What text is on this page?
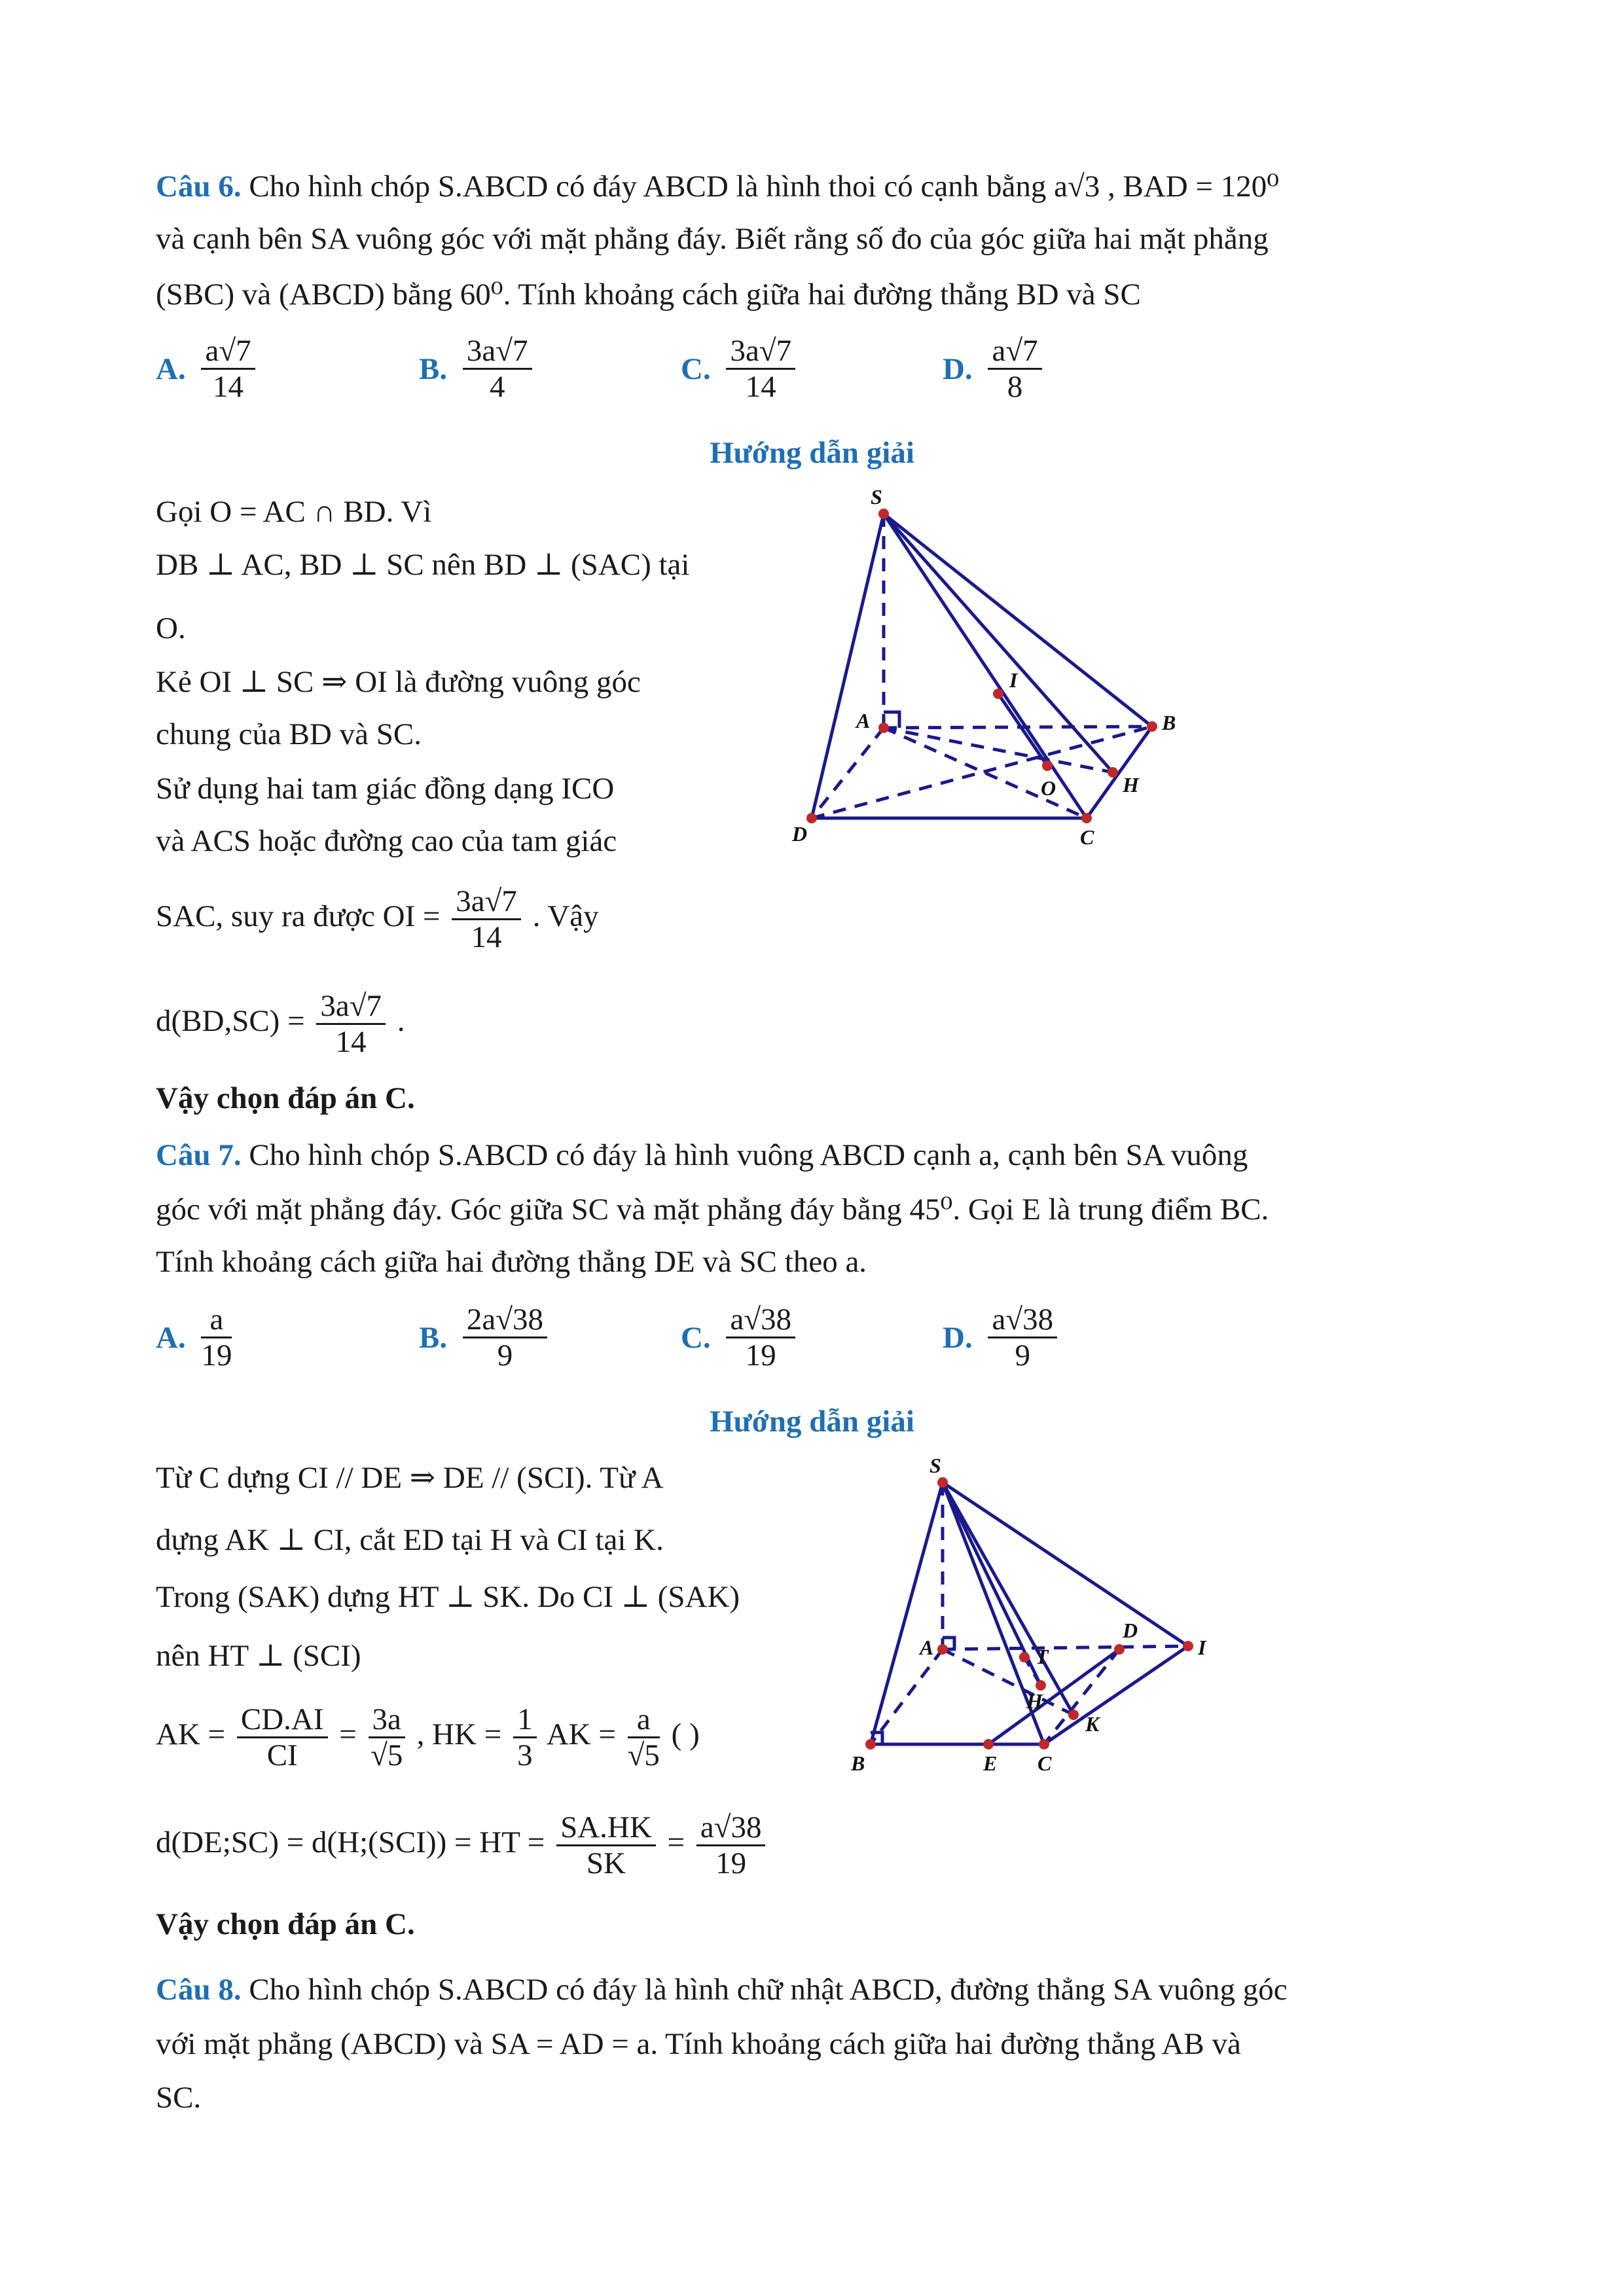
Câu 6. Cho hình chóp S.ABCD có đáy ABCD là hình thoi có cạnh bằng a√3 , BAD = 120⁰
và cạnh bên SA vuông góc với mặt phẳng đáy. Biết rằng số đo của góc giữa hai mặt phẳng
(SBC) và (ABCD) bằng 60⁰. Tính khoảng cách giữa hai đường thẳng BD và SC
A. $\frac{a√7}{14}$	B. $\frac{3a√7}{4}$	C. $\frac{3a√7}{14}$	D. $\frac{a√7}{8}$
Hướng dẫn giải
Gọi O = AC ∩ BD. Vì
DB ⊥ AC, BD ⊥ SC nên BD ⊥ (SAC) tại
O.
Kẻ OI ⊥ SC ⇒ OI là đường vuông góc
chung của BD và SC.
Sử dụng hai tam giác đồng dạng ICO
và ACS hoặc đường cao của tam giác
SAC, suy ra được OI = $\frac{3a√7}{14}$ . Vậy
$d(BD,SC) = \frac{3a√7}{14}$ .
Vậy chọn đáp án C.
S
A	B
C
D
O
I
H
Câu 7. Cho hình chóp S.ABCD có đáy là hình vuông ABCD cạnh a, cạnh bên SA vuông
góc với mặt phẳng đáy. Góc giữa SC và mặt phẳng đáy bằng 45⁰. Gọi E là trung điểm BC.
Tính khoảng cách giữa hai đường thẳng DE và SC theo a.
A. $\frac{a}{19}$	B. $\frac{2a√38}{9}$	C. $\frac{a√38}{19}$	D. $\frac{a√38}{9}$
Hướng dẫn giải
Từ C dựng CI // DE ⇒ DE // (SCI). Từ A
dựng AK ⊥ CI, cắt ED tại H và CI tại K.
Trong (SAK) dựng HT ⊥ SK. Do CI ⊥ (SAK)
nên HT ⊥ (SCI)
AK = $\frac{CD.AI}{CI} = \frac{3a}{√5}$ , HK = $\frac{1}{3}$ AK = $\frac{a}{√5}$ ( )
d(DE;SC) = d(H;(SCI)) = HT = $\frac{SA.HK}{SK} = \frac{a√38}{19}$
Vậy chọn đáp án C.
S
A
B	C
D
E
I
T
H
K
Câu 8. Cho hình chóp S.ABCD có đáy là hình chữ nhật ABCD, đường thẳng SA vuông góc
với mặt phẳng (ABCD) và SA = AD = a. Tính khoảng cách giữa hai đường thẳng AB và
SC.
